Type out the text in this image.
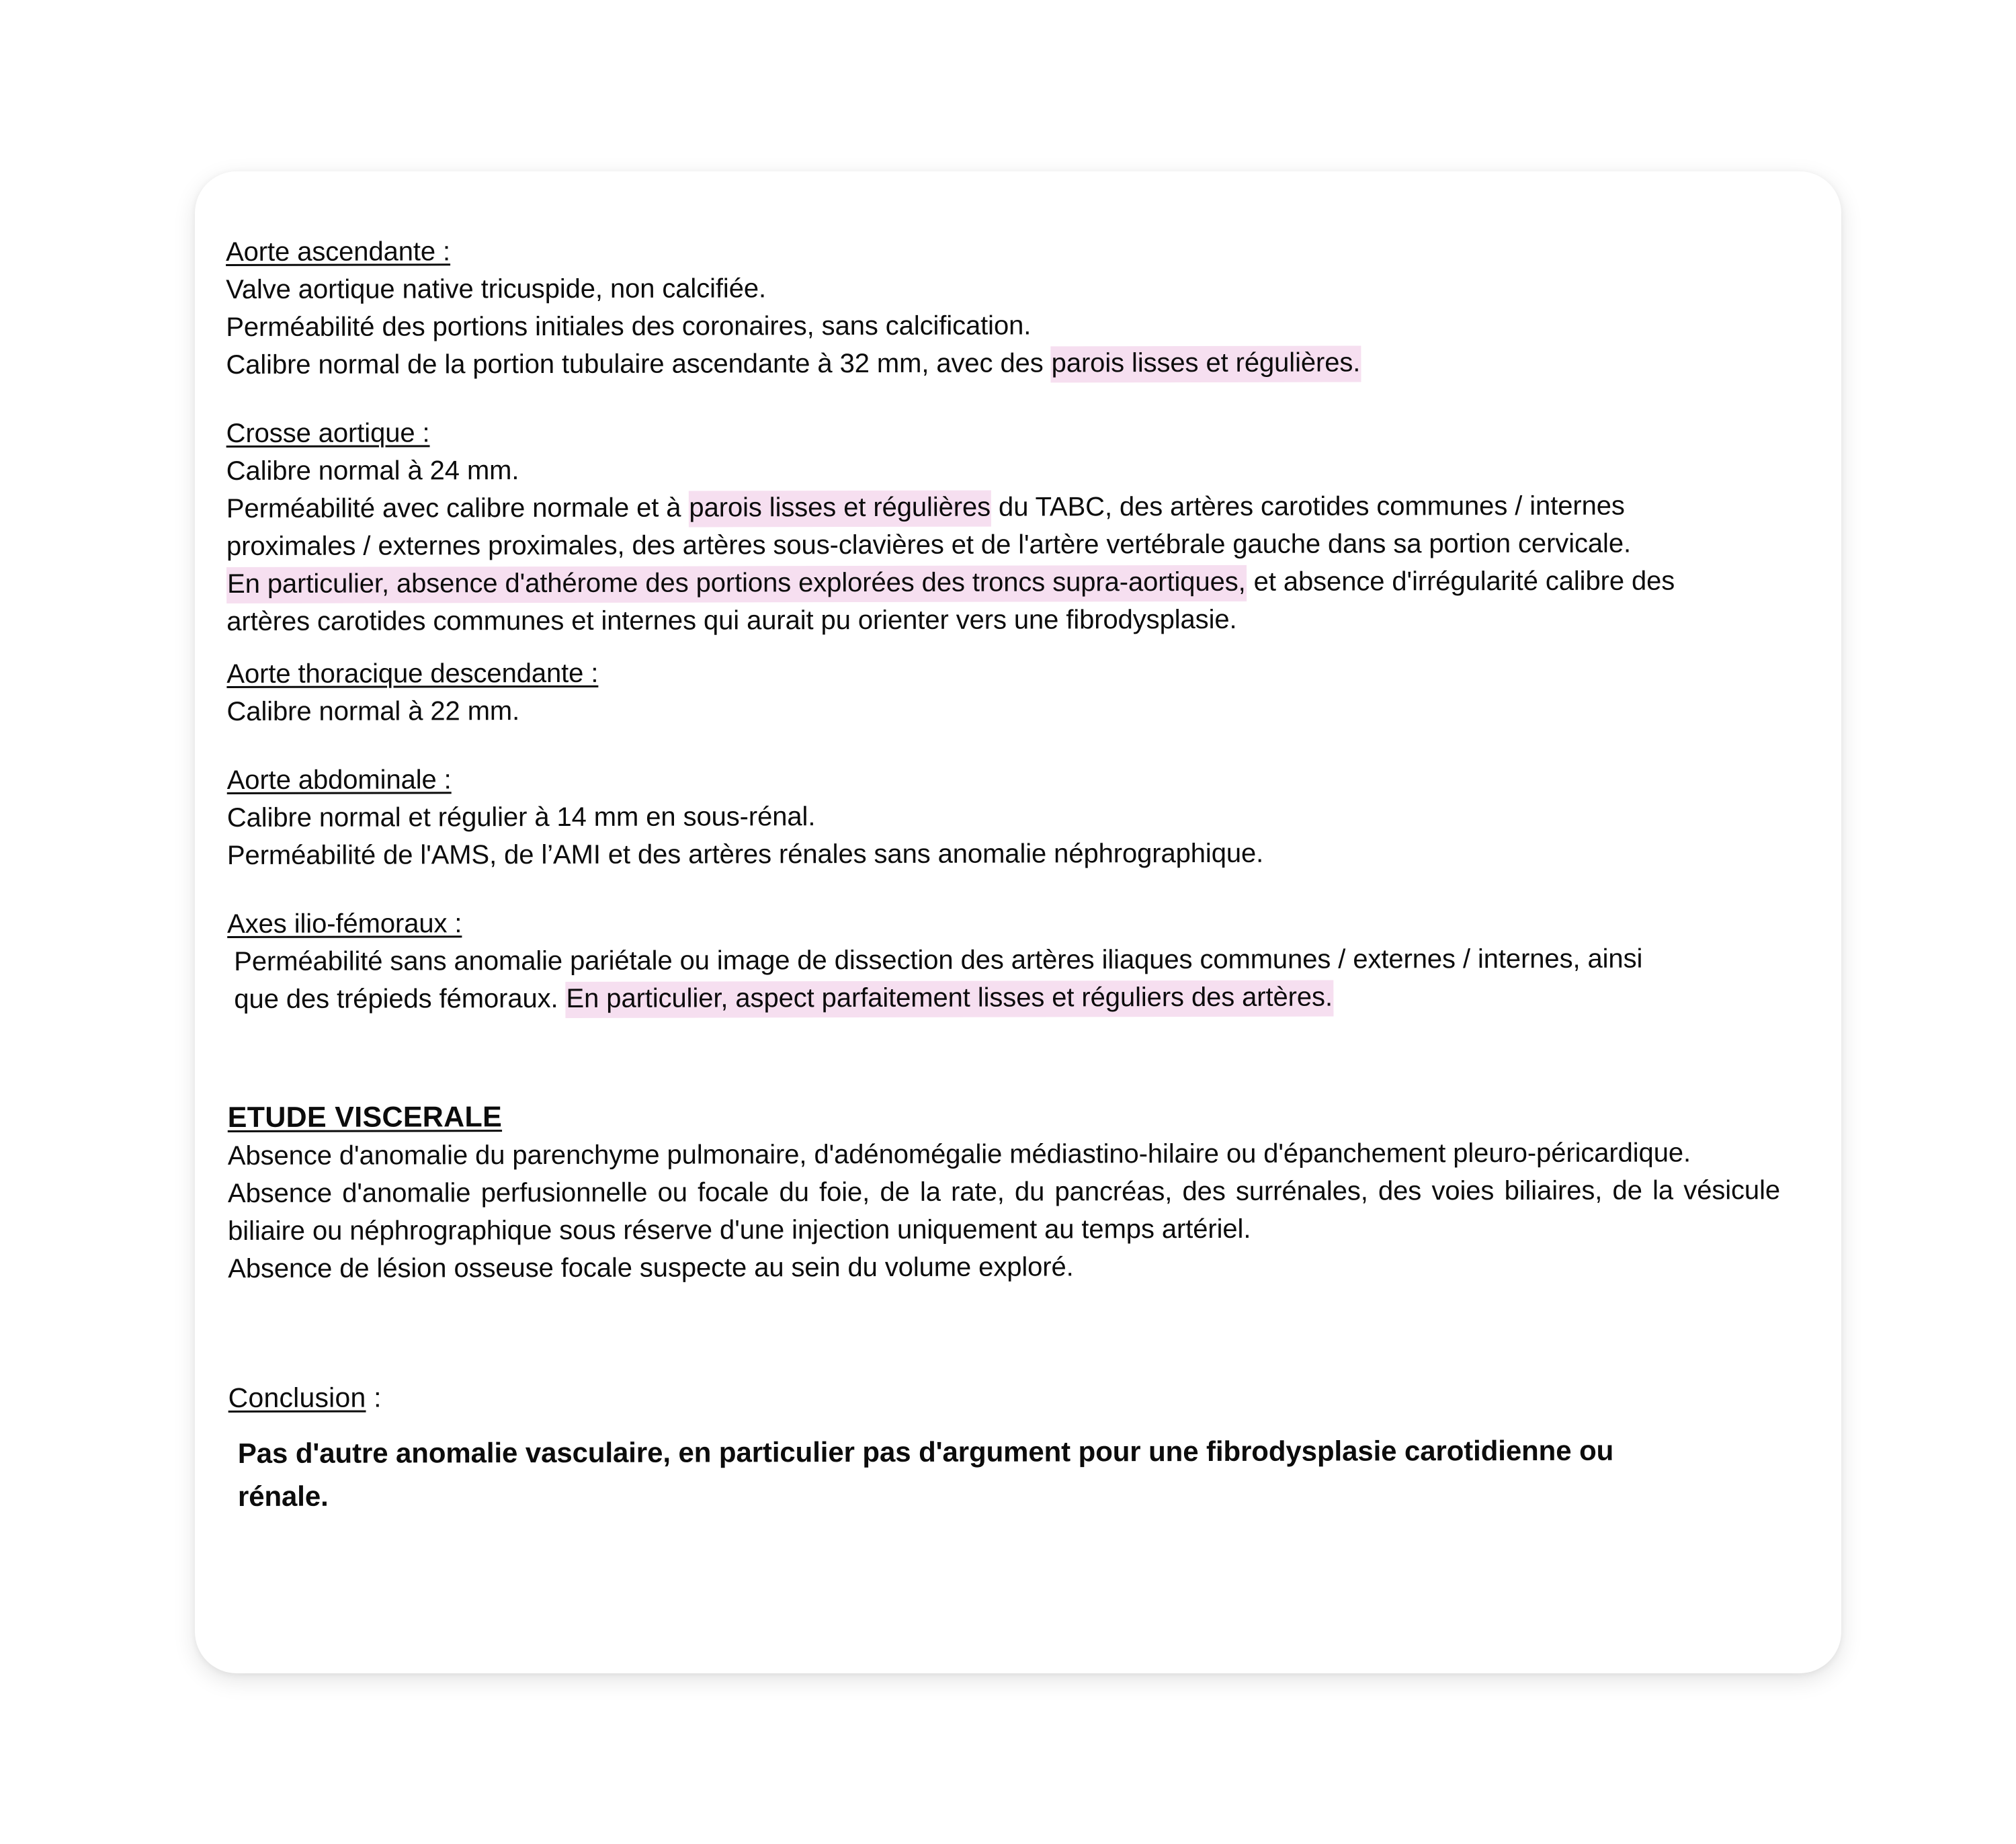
Aorte ascendante :
Valve aortique native tricuspide, non calcifiée.
Perméabilité des portions initiales des coronaires, sans calcification.
Calibre normal de la portion tubulaire ascendante à 32 mm, avec des parois lisses et régulières.
Crosse aortique :
Calibre normal à 24 mm.
Perméabilité avec calibre normale et à parois lisses et régulières du TABC, des artères carotides communes / internes
proximales / externes proximales, des artères sous-clavières et de l'artère vertébrale gauche dans sa portion cervicale.
En particulier, absence d'athérome des portions explorées des troncs supra-aortiques, et absence d'irrégularité calibre des
artères carotides communes et internes qui aurait pu orienter vers une fibrodysplasie.
Aorte thoracique descendante :
Calibre normal à 22 mm.
Aorte abdominale :
Calibre normal et régulier à 14 mm en sous-rénal.
Perméabilité de l'AMS, de l’AMI et des artères rénales sans anomalie néphrographique.
Axes ilio-fémoraux :
Perméabilité sans anomalie pariétale ou image de dissection des artères iliaques communes / externes / internes, ainsi
que des trépieds fémoraux. En particulier, aspect parfaitement lisses et réguliers des artères.
ETUDE VISCERALE
Absence d'anomalie du parenchyme pulmonaire, d'adénomégalie médiastino-hilaire ou d'épanchement pleuro-péricardique.
Absence d'anomalie perfusionnelle ou focale du foie, de la rate, du pancréas, des surrénales, des voies biliaires, de la vésicule biliaire ou néphrographique sous réserve d'une injection uniquement au temps artériel.
Absence de lésion osseuse focale suspecte au sein du volume exploré.
Conclusion :
Pas d'autre anomalie vasculaire, en particulier pas d'argument pour une fibrodysplasie carotidienne ou rénale.
